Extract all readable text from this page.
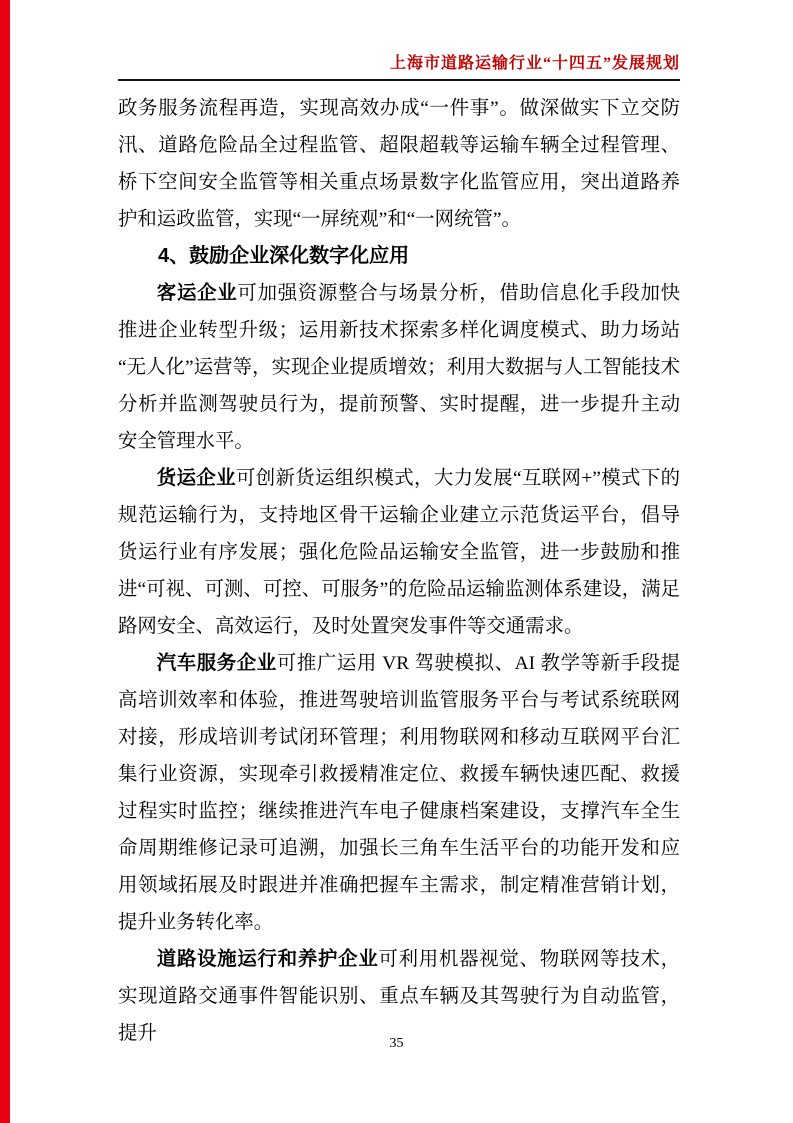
上海市道路运输行业“十四五”发展规划
政务服务流程再造，实现高效办成“一件事”。做深做实下立交防汛、道路危险品全过程监管、超限超载等运输车辆全过程管理、桥下空间安全监管等相关重点场景数字化监管应用，突出道路养护和运政监管，实现“一屏统观”和“一网统管”。
4、鼓励企业深化数字化应用
客运企业可加强资源整合与场景分析，借助信息化手段加快推进企业转型升级；运用新技术探索多样化调度模式、助力场站“无人化”运营等，实现企业提质增效；利用大数据与人工智能技术分析并监测驾驶员行为，提前预警、实时提醒，进一步提升主动安全管理水平。
货运企业可创新货运组织模式，大力发展“互联网+”模式下的规范运输行为，支持地区骨干运输企业建立示范货运平台，倡导货运行业有序发展；强化危险品运输安全监管，进一步鼓励和推进“可视、可测、可控、可服务”的危险品运输监测体系建设，满足路网安全、高效运行，及时处置突发事件等交通需求。
汽车服务企业可推广运用 VR 驾驶模拟、AI 教学等新手段提高培训效率和体验，推进驾驶培训监管服务平台与考试系统联网对接，形成培训考试闭环管理；利用物联网和移动互联网平台汇集行业资源，实现牵引救援精准定位、救援车辆快速匹配、救援过程实时监控；继续推进汽车电子健康档案建设，支撑汽车全生命周期维修记录可追溯，加强长三角车生活平台的功能开发和应用领域拓展及时跟进并准确把握车主需求，制定精准营销计划，提升业务转化率。
道路设施运行和养护企业可利用机器视觉、物联网等技术，实现道路交通事件智能识别、重点车辆及其驾驶行为自动监管，提升	35
